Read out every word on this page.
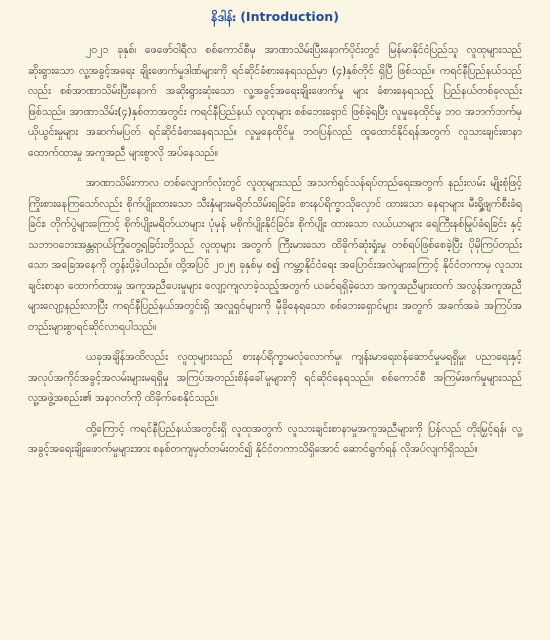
နိဒါန်း (Introduction)

၂၀၂၁ ခုနှစ်၊ ဖေဖော်ဝါရီလ စစ်ကောင်စီမှ အာဏာသိမ်းပြီးနောက်ပိုင်းတွင် မြန်မာနိုင်ငံပြည်သူ လူထုများသည် ဆိုးရွားသော လူ့အခွင့်အရေး ချိုးဖောက်မှုဒါဏ်များကို ရင်ဆိုင်ခံစားနေရသည်မှာ (၄)နှစ်တိုင် ရှိပြီ ဖြစ်သည်။ ကရင်နီပြည်နယ်သည်လည်း စစ်အာဏာသိမ်းပြီးနောက် အဆိုးရွားဆုံးသော လူ့အခွင့်အရေးချိုးဖောက်မှု များ ခံစားနေရသည့် ပြည်နယ်တစ်ခုလည်း ဖြစ်သည်။ အာဏာသိမ်း(၄)နှစ်တာအတွင်း ကရင်နီပြည်နယ် လူထုများ စစ်ဘေးရှောင် ဖြစ်ခဲ့ရပြီး လူမှုနေထိုင်မှု ဘဝ အဘက်ဘက်မှ ယိုယွင်းမှုများ အဆက်မပြတ် ရင်ဆိုင်ခံစားနေရသည်။ လူမှုနေထိုင်မှု ဘဝပြန်လည် ထူထောင်နိုင်ရန်အတွက် လူသားချင်းစာနာထောက်ထားမှု အကူအညီ များစွာလို အပ်နေသည်။

အာဏာသိမ်းကာလ တစ်လျှောက်လုံးတွင် လူထုများသည် အသက်ရှင်သန်ရပ်တည်ရေးအတွက် နည်းလမ်း မျိုးစုံဖြင့် ကြိုးစားနေကြသော်လည်း စိုက်ပျိုးထားသော သီးနှံများမရိတ်သိမ်းရခြင်း၊ စားနပ်ရိက္ခာသိုလှောင် ထားသော နေရာများ မီးရှို့ဖျက်စီးခံရခြင်း၊ တိုက်ပွဲများကြောင့် စိုက်ပျိုးမရိတ်ယာများ ပုံမှန် မစိုက်ပျိုးနိုင်ခြင်း၊ စိုက်ပျိုး ထားသော လယ်ယာများ ရေကြီးနစ်မြုပ်ခံရခြင်း နှင့် သဘာဝဘေးအန္တရာယ်ကြုံတွေ့ရခြင်းတို့သည် လူထုများ အတွက် ကြီးမားသော ထိခိုက်ဆုံးရှုံးမှု တစ်ရပ်ဖြစ်စေခဲ့ပြီး ပိုမိုကြပ်တည်းသော အခြေအနေကို တွန်းပို့ခဲ့ပါသည်။ ထို့အပြင် ၂၀၂၅ ခုနှစ်မှ စ၍ ကမ္ဘာ့နိုင်ငံရေး အပြောင်းအလဲများကြောင့် နိုင်ငံတကာမှ လူသားချင်းစာနာ ထောက်ထားမှု အကူအညီပေးမှုများ လျော့ကျလာခဲ့သည့်အတွက် ယခင်ရရှိခဲ့သော အကူအညီများထက် အလွန်အကူအညီများလျော့နည်းလာပြီး ကရင်နီပြည်နယ်အတွင်းရှိ အလှူရှင်များကို မှီခိုနေရသော စစ်ဘေးရှောင်များ အတွက် အခက်အခဲ အကြပ်အတည်းများစွာရင်ဆိုင်လာရပါသည်။

ယခုအချိန်အထိလည်း လူထုများသည် စားနပ်ရိက္ခာမလုံလောက်မှု၊ ကျန်းမာရေးဝန်ဆောင်မှုမရရှိမှု၊ ပညာရေးနှင့် အလုပ်အကိုင်အခွင့်အလမ်းများမရရှိမှု အကြပ်အတည်းစိန်ခေါ်မှုများကို ရင်ဆိုင်နေရသည်။ စစ်ကောင်စီ အကြမ်းဖက်မှုများသည် လူ့အဖွဲ့အစည်း၏ အနာဂတ်ကို ထိခိုက်စေနိုင်သည်။

ထို့ကြောင့် ကရင်နီပြည်နယ်အတွင်းရှိ လူထုအတွက် လူသားချင်းစာနာမှုအကူအညီများကို ပြန်လည် တိုးမြှင့်ရန်၊ လူ့အခွင့်အရေးချိုးဖောက်မှုများအား စနစ်တကျမှတ်တမ်းတင်၍ နိုင်ငံတကာသိရှိအောင် ဆောင်ရွက်ရန် လိုအပ်လျက်ရှိသည်။
